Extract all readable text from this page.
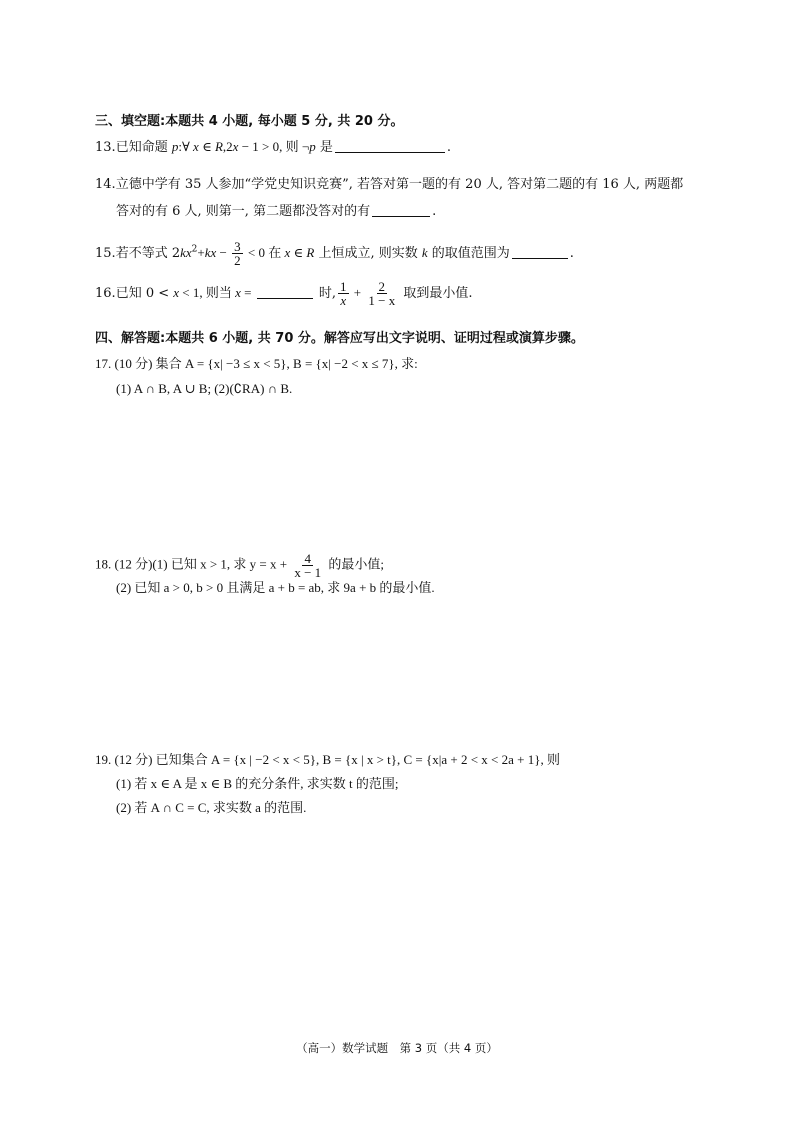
三、填空题:本题共 4 小题, 每小题 5 分, 共 20 分。
13.已知命题 p:∀ x ∈ R,2x − 1 > 0, 则 ¬p 是	.
14.立德中学有 35 人参加“学党史知识竞赛”, 若答对第一题的有 20 人, 答对第二题的有 16 人, 两题都
答对的有 6 人, 则第一, 第二题都没答对的有	.
15.若不等式 $2kx^2+kx - \frac{3}{2} < 0$ 在 x ∈ R 上恒成立, 则实数 k 的取值范围为	.
16.已知 0 < x < 1, 则当 x =	时, $\frac{1}{x} + \frac{2}{1 - x}$ 取到最小值.
四、解答题:本题共 6 小题, 共 70 分。解答应写出文字说明、证明过程或演算步骤。
17. (10 分) 集合 A = {x| −3 ≤ x < 5}, B = {x| −2 < x ≤ 7}, 求:
(1) A ∩ B, A ∪ B; (2)(∁RA) ∩ B.
18. (12 分)(1) 已知 x > 1, 求 $y = x + \frac{4}{x - 1}$ 的最小值;
(2) 已知 a > 0, b > 0 且满足 a + b = ab, 求 9a + b 的最小值.
19. (12 分) 已知集合 A = {x | −2 < x < 5}, B = {x | x > t}, C = {x|a + 2 < x < 2a + 1}, 则
(1) 若 x ∈ A 是 x ∈ B 的充分条件, 求实数 t 的范围;
(2) 若 A ∩ C = C, 求实数 a 的范围.
（高一）数学试题　第 3 页（共 4 页）
